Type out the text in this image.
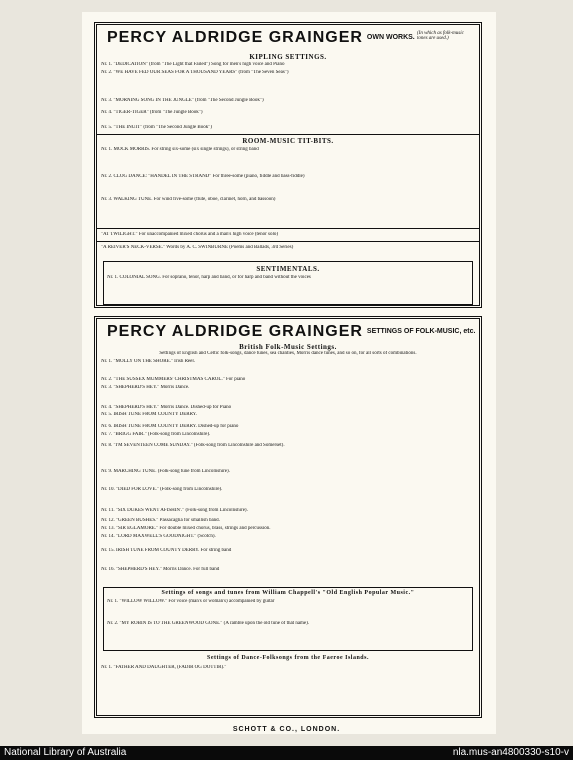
PERCY ALDRIDGE GRAINGER OWN WORKS.
(In which as folk-music tones are used.)
KIPLING SETTINGS.
Nr. 1. "DEDICATION" (from "The Light that Failed") Song for men's high voice and Piano
Nr. 2. "WE HAVE FED OUR SEAS FOR A THOUSAND YEARS" (from "The Seven Seas")
Nr. 3. "MORNING SONG IN THE JUNGLE" (from "The Second Jungle Book")
Nr. 4. "TIGER-TIGER" (from "The Jungle Book")
Nr. 5. "THE INUIT" (from "The Second Jungle Book")
ROOM-MUSIC TIT-BITS.
Nr. 1. MOCK MORRIS. For string six-some (six single strings), or string band
Nr. 2. CLOG DANCE: "HANDEL IN THE STRAND" For three-some (piano, fiddle and bass-fiddle)
Nr. 3. WALKING TUNE. For wind five-some (flute, oboe, clarinet, horn, and bassoon)
"AT TWILIGHT." For unaccompanied mixed chorus and a man's high voice (tenor solo)
"A REIVER'S NECK-VERSE." Words by A. C. SWINBURNE (Poems and Ballads, 3rd Series)
SENTIMENTALS.
Nr. 1. COLONIAL SONG. For soprano, tenor, harp and band, or for harp and band without the voices
PERCY ALDRIDGE GRAINGER SETTINGS OF FOLK-MUSIC, etc.
British Folk-Music Settings.
Settings of English and Celtic folk-songs, dance tunes, sea chanties, Morris dance tunes, and so on, for all sorts of combinations.
Nr. 1. "MOLLY ON THE SHORE." Irish Reel.
Nr. 2. "THE SUSSEX MUMMERS' CHRISTMAS CAROL." For piano
Nr. 3. "SHEPHERD'S HEY." Morris Dance.
Nr. 4. "SHEPHERD'S HEY." Morris Dance. Dished-up for Piano
Nr. 5. IRISH TUNE FROM COUNTY DERRY.
Nr. 6. IRISH TUNE FROM COUNTY DERRY. Dished-up for piano
Nr. 7. "BRIGG FAIR." (Folk-song from Lincolnshire).
Nr. 8. "I'M SEVENTEEN COME SUNDAY." (Folk-song from Lincolnshire and Somerset).
Nr. 9. MARCHING TUNE. (Folk-song tune from Lincolnshire).
Nr. 10. "DIED FOR LOVE." (Folk-song from Lincolnshire).
Nr. 11. "SIX DUKES WENT AFISHIN'." (Folk-song from Lincolnshire).
Nr. 12. "GREEN BUSHES." Passacaglia for smallish band.
Nr. 13. "SIR EGLAMORE." For double mixed chorus, brass, strings and percussion.
Nr. 14. "LORD MAXWELL'S GOODNIGHT." (Scotch).
Nr. 15. IRISH TUNE FROM COUNTY DERRY. For string band
Nr. 16. "SHEPHERD'S HEY." Morris Dance. For full band
Settings of songs and tunes from William Chappell's "Old English Popular Music."
Nr. 1. "WILLOW WILLOW." For voice (man's or woman's) accompanied by guitar
Nr. 2. "MY ROBIN IS TO THE GREENWOOD GONE." (A ramble upon the old tune of that name).
Settings of Dance-Folksongs from the Faeroe Islands.
Nr. 1. "FATHER AND DAUGHTER, (FADIR OG DOTTIR)."
SCHOTT & CO., LONDON.
National Library of Australia	nla.mus-an4800330-s10-v
